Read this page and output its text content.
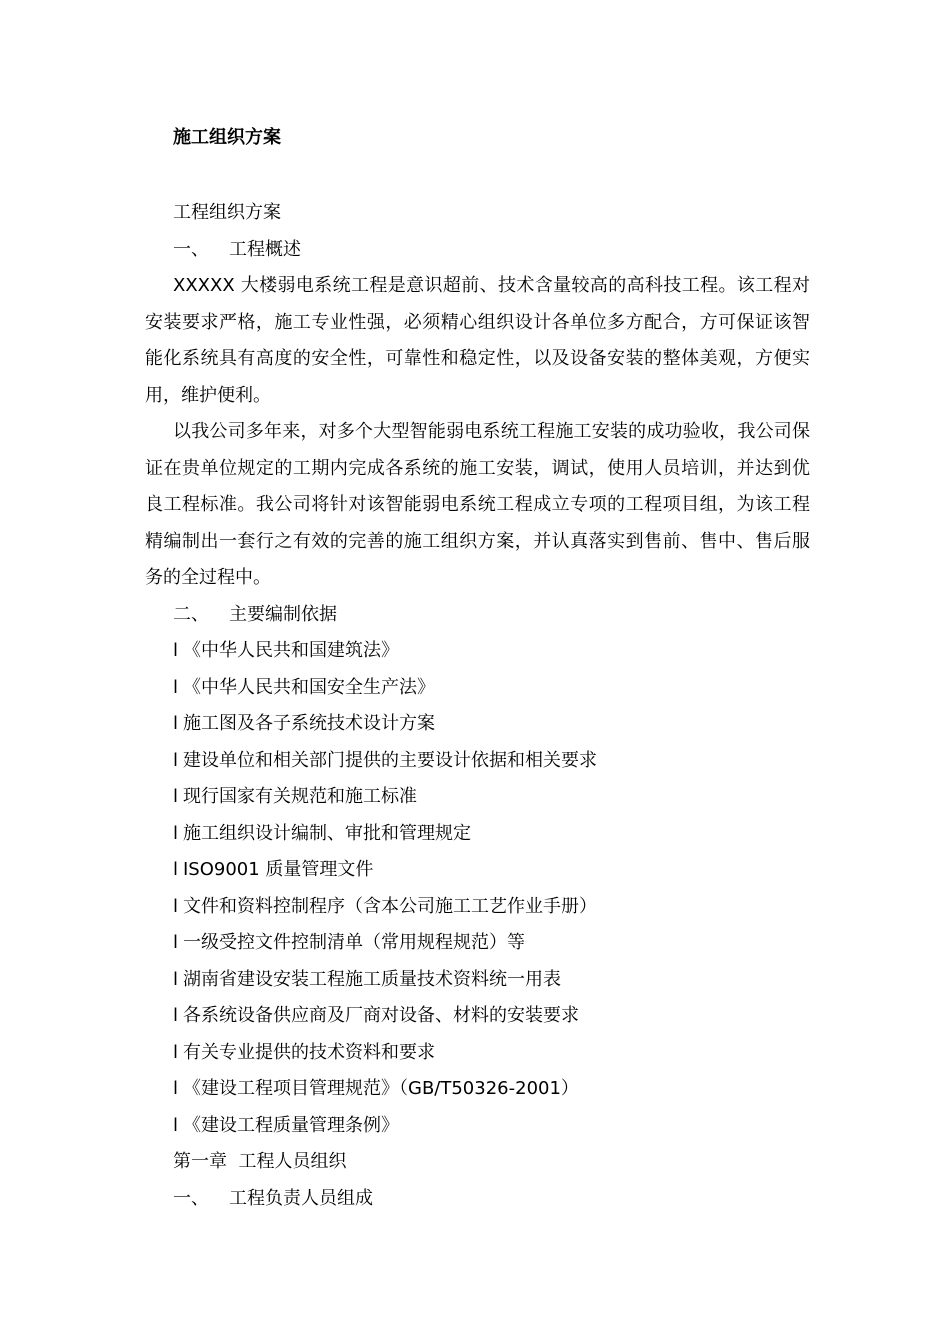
施工组织方案
工程组织方案
一、 工程概述

XXXXX 大楼弱电系统工程是意识超前、技术含量较高的高科技工程。该工程对安装要求严格，施工专业性强，必须精心组织设计各单位多方配合，方可保证该智能化系统具有高度的安全性，可靠性和稳定性，以及设备安装的整体美观，方便实用，维护便利。

以我公司多年来，对多个大型智能弱电系统工程施工安装的成功验收，我公司保证在贵单位规定的工期内完成各系统的施工安装，调试，使用人员培训，并达到优良工程标准。我公司将针对该智能弱电系统工程成立专项的工程项目组，为该工程精编制出一套行之有效的完善的施工组织方案，并认真落实到售前、售中、售后服务的全过程中。

二、 主要编制依据
l 《中华人民共和国建筑法》
l 《中华人民共和国安全生产法》
l 施工图及各子系统技术设计方案
l 建设单位和相关部门提供的主要设计依据和相关要求
l 现行国家有关规范和施工标准
l 施工组织设计编制、审批和管理规定
l ISO9001 质量管理文件
l 文件和资料控制程序（含本公司施工工艺作业手册）
l 一级受控文件控制清单（常用规程规范）等
l 湖南省建设安装工程施工质量技术资料统一用表
l 各系统设备供应商及厂商对设备、材料的安装要求
l 有关专业提供的技术资料和要求
l 《建设工程项目管理规范》（GB/T50326-2001）
l 《建设工程质量管理条例》
第一章 工程人员组织
一、 工程负责人员组成
